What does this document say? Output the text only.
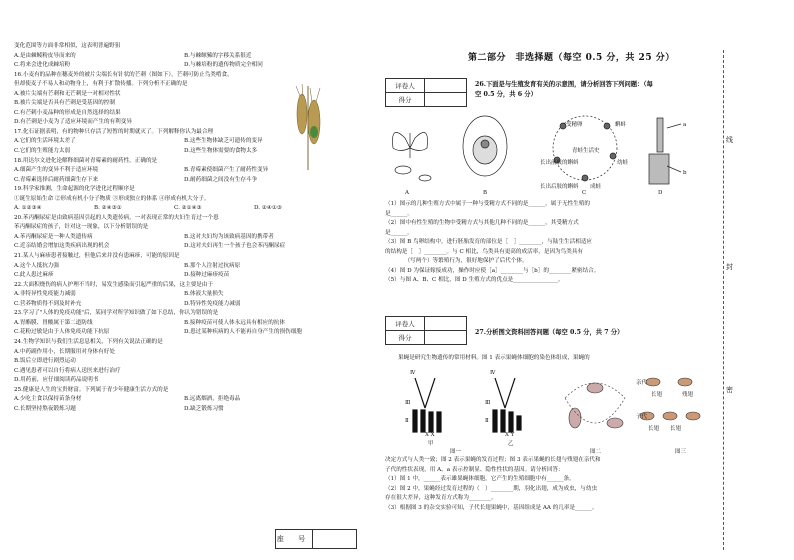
变化范围等方面非常相似，这表明普遍野狙
A.是由棘鲮粉皮导而来的	B.与棘鲸豨的字移关系很近
C.将来会进化成棘培粉	D.与棘培粉的遗传物质完全相同
16.小麦有的品种在穗麦外的被片尖端长有针状的芒刺（图如下），芒刺可防止鸟类啃食，
但却使麦子不易人和动物身上，有利于扩散传播。下列分析不正确的是
A.被片尖端有芒刺和无芒刺是一对相对性状
B.被片尖端是否具有芒刺是受基因的控制
C.有芒刺小麦品种的形成是自然选择的结果
D.有芒刺是小麦为了适应环境而产生的有利变异
17.化石证据表明，有的物种只存活了短暂的时期就灭了。下列解释你认为最合理
A.它们的生活环境太差了	B.这些生物体缺乏可遗传的变异
C.它们的生殖能力太弱	D.这些生物体需要的食物太多
18.用达尔文进化论解释细菌对青霉素的耐药性，正确的是
A.细菌产生的变异不利于适应环境	B.青霉素使细菌产生了耐药性变异
C.青霉素选择后耐药细菌生存下来	D.耐药细菌之间没有生存斗争
19.科学家推测，生命起源的化学进化过程顺序是
①诞生原始生命 ②形成有机小分子物质 ③形成独立的体系 ④形成有机大分子。
A. ①②③④	B. ②④③①	C. ②①④③	D. ②④①③
20.苯丙酮尿症是由致病基因引起的人类遗传病。一对表现正常的夫妇生育过一个患
苯丙酮尿症的孩子，针对这一现象，以下分析错误的是
A.苯丙酮尿症是一种人类遗传病	B.这对夫妇均为该致病基因的携带者
C.近亲结婚会增加这类疾病出现的机会	D.这对夫妇再生一个孩子也会苯丙酮尿症
21.某人与麻疹患者接触过，但他后来并没有患麻疹，可能的原因是
A.这个人抵抗力强	B.那个人注射过抗病原
C.此人患过麻疹	D.接种过麻疹疫苗
22.大面积烧伤的病人护理不当时，易发生感染而引起严重的后果，这主要是由于
A.非特异性免疫能力减弱	B.体液大量损失
C.营养物质得不到及时补充	D.特异性免疫能力减弱
23.学习了"人体的免疫功能"后，某同学对所学知识做了如下总结，你认为错误的是
A.胃酯膜、胃酸属于第二道防线	B.接种疫苗可使人体永远具有相应的抗体
C.花粉过敏是由于人体免疫功能下抗原	D.患过某种疾病的人不能再自身产生的损伤细胞
24.生物学知识与我们生活息息相关，下列有关说法正确的是
A.中药副作用小，长期服用对身体有好处
B.饭后立即进行剧烈运动
C.遇见患者可以自行将病人送医来进行治疗
D.用药前，应仔细阅读药品说明书
25.健康是人生的宝贵财富。下列属于青少年健康生活方式的是
A.少吃主食以保持苗条身材	B.远离烟酒，拒绝毒品
C.长期坚持熬夜锻炼习题	D.缺乏锻炼习惯
座 号
第二部分　非选择题（每空 0.5 分，共 25 分）
评卷人
得分
26.下面是与生殖发育有关的示意图，请分析回答下列问题：（每
空 0.5 分，共 6 分）
A	B	C	D
a
b
受精卵
青蛙生活史
蝌蚪
幼蛙
成蛙
长出后肢的蝌蚪
长出前肢的蝌蚪
（1）图示的几种生殖方式中属于一种与受精方式不同的是______，属于无性生殖的
是______。
（2）图中有性生殖的生物中受精方式与其他几种不同的是______，其受精方式
是______。
（3）图 B 鸟卵结构中，进行胚胎发育的部位是［　］________，与陆生生活相适应
的结构是［　］________。与 C 相比，鸟类具有更高的成活率，是因为鸟类具有
　　　　（写两个）等繁殖行为，很好地保护了后代个体。
（4）图 D 为保证嫁接成功，操作时应使［a］________与［b］的________紧密结合。
（5）与图 A、B、C 相比，图 D 生殖方式的优点是________________。
评卷人
得分
27.分析图文资料回答问题（每空 0.5 分，共 7 分）
果蝇是研究生物遗传的常用材料。图 1 表示果蝇体细胞的染色体组成，果蝇的
Ⅳ
Ⅲ
Ⅱ
Ⅳ
Ⅲ
Ⅱ
X X	X Y
甲	乙
图一	图二	图三
亲代
子代
长翅	残翅
长翅 长翅
决定方式与人类一致；图 2 表示果蝇的发育过程；图 3 表示果蝇的长翅与残翅在亲代和
子代的性状表现，用 A、a 表示控制显、隐性性状的基因。请分析回答：
（1）图 1 中，______表示雄果蝇体细胞，它产生的生殖细胞中有______条。
（2）图 2 中，果蝇经过发育过程的（　）________期，羽化出翅，成为成虫，与幼虫
存在很大差异，这种发育方式称为________。
（3）根据图 3 的杂交实验可知，子代长翅果蝇中，基因组成是 AA 的几率是______。
线
封
密
